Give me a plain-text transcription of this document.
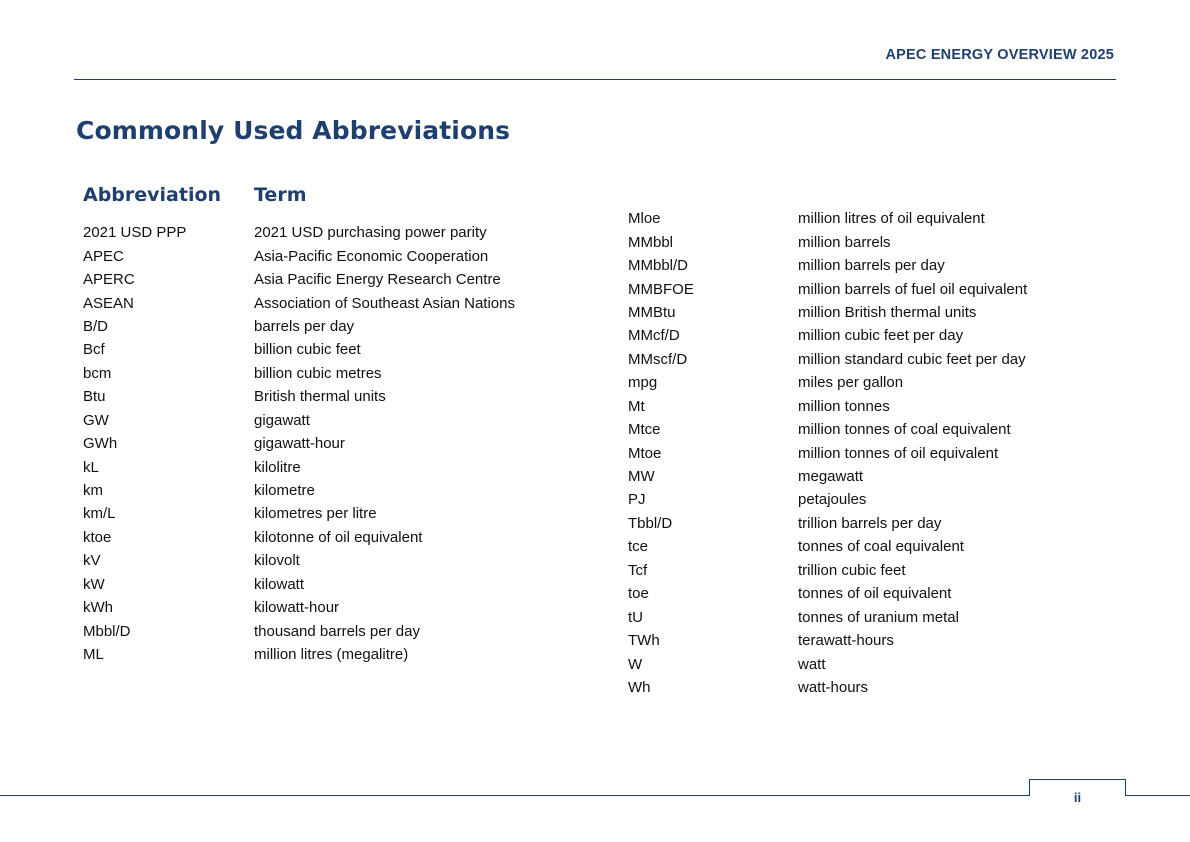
APEC ENERGY OVERVIEW 2025
Commonly Used Abbreviations
Abbreviation Term
2021 USD PPP	2021 USD purchasing power parity
APEC	Asia-Pacific Economic Cooperation
APERC	Asia Pacific Energy Research Centre
ASEAN	Association of Southeast Asian Nations
B/D	barrels per day
Bcf	billion cubic feet
bcm	billion cubic metres
Btu	British thermal units
GW	gigawatt
GWh	gigawatt-hour
kL	kilolitre
km	kilometre
km/L	kilometres per litre
ktoe	kilotonne of oil equivalent
kV	kilovolt
kW	kilowatt
kWh	kilowatt-hour
Mbbl/D	thousand barrels per day
ML	million litres (megalitre)
Mloe	million litres of oil equivalent
MMbbl	million barrels
MMbbl/D	million barrels per day
MMBFOE	million barrels of fuel oil equivalent
MMBtu	million British thermal units
MMcf/D	million cubic feet per day
MMscf/D	million standard cubic feet per day
mpg	miles per gallon
Mt	million tonnes
Mtce	million tonnes of coal equivalent
Mtoe	million tonnes of oil equivalent
MW	megawatt
PJ	petajoules
Tbbl/D	trillion barrels per day
tce	tonnes of coal equivalent
Tcf	trillion cubic feet
toe	tonnes of oil equivalent
tU	tonnes of uranium metal
TWh	terawatt-hours
W	watt
Wh	watt-hours
ii
